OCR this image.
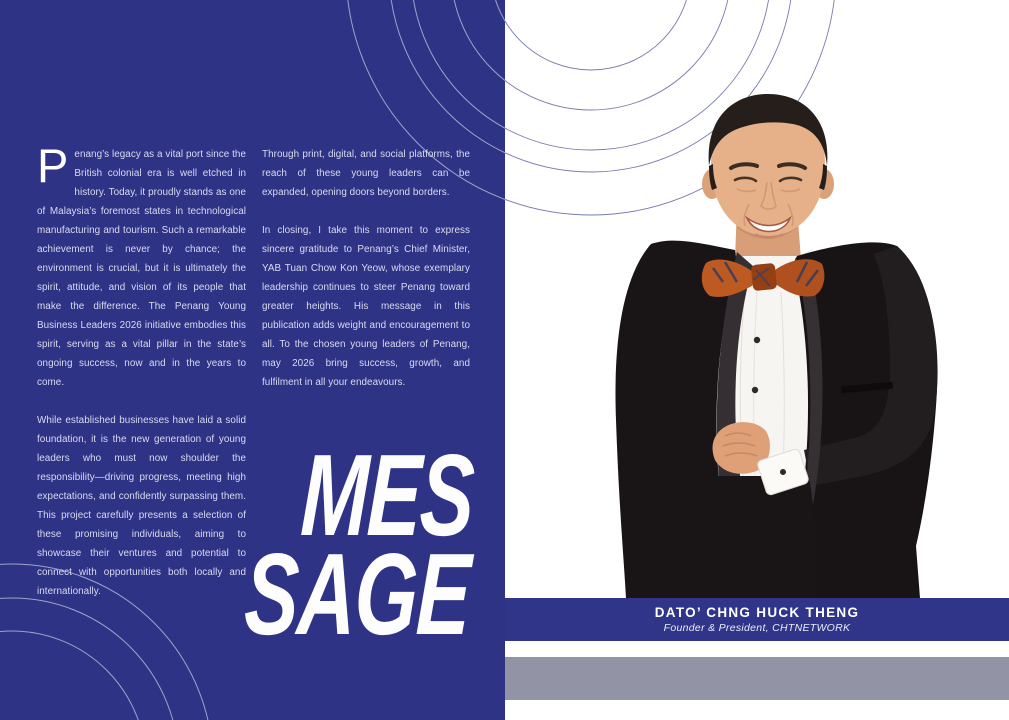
Penang’s legacy as a vital port since the British colonial era is well etched in history. Today, it proudly stands as one of Malaysia’s foremost states in technological manufacturing and tourism. Such a remarkable achievement is never by chance; the environment is crucial, but it is ultimately the spirit, attitude, and vision of its people that make the difference. The Penang Young Business Leaders 2026 initiative embodies this spirit, serving as a vital pillar in the state’s ongoing success, now and in the years to come.

While established businesses have laid a solid foundation, it is the new generation of young leaders who must now shoulder the responsibility—driving progress, meeting high expectations, and confidently surpassing them. This project carefully presents a selection of these promising individuals, aiming to showcase their ventures and potential to connect with opportunities both locally and internationally.

Through print, digital, and social platforms, the reach of these young leaders can be expanded, opening doors beyond borders.

In closing, I take this moment to express sincere gratitude to Penang’s Chief Minister, YAB Tuan Chow Kon Yeow, whose exemplary leadership continues to steer Penang toward greater heights. His message in this publication adds weight and encouragement to all. To the chosen young leaders of Penang, may 2026 bring success, growth, and fulfilment in all your endeavours.

MES
SAGE	DATO’ CHNG HUCK THENG
Founder & President, CHTNETWORK
